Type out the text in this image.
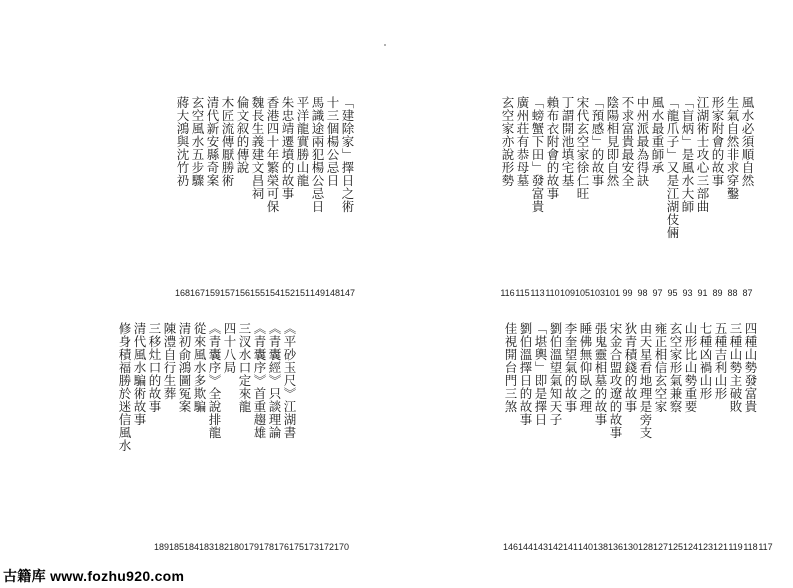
風水必須順自然
生氣自然非求穿鑿
形家附會的故事
江湖術士攻心三部曲
「盲炳」是風水大師
「龍爪子」又是江湖伎倆
風水最重師承
中州派最為得訣
不求富貴最安全
陰陽相見即自然
「預感」的故事
宋代玄空家徐仁旺
丁謂開池填宅基
賴布衣附會的故事
「螃蟹下田」發富貴
廣州荘有恭母墓
玄空家亦說形勢
87
88
89
91
93
95
97
98
99
101
103
105
109
110
113
115
116
「建除家」擇日之術
十三個楊公忌日
馬識途兩犯楊公忌日
平洋龍實勝山龍
朱忠靖遷墳的故事
香港四十年繁榮可保
魏長生義建文昌祠
倫文叙的傳說
木匠流傳厭勝術
清代新安縣奇案
玄空風水五步驟
蔣大鴻與沈竹礽
147
148
149
151
152
154
155
156
157
159
167
168
四種山勢發富貴
三種山勢主破敗
五種吉利山形
七種凶禍山形
山形比山勢重要
玄空家形氣兼察
雍正相信玄空家
由天星看地理是旁支
狄青積錢的故事
宋金合盟攻遼的故事
張鬼靈相墓的故事
睡佛無仰臥之理
李奎望氣的故事
劉伯溫望氣知天子
「堪輿」即是擇日
劉伯溫擇日的故事
佳視開台門三煞
117
118
119
121
123
124
125
127
128
130
136
138
140
141
142
143
144
146
《平砂玉尺》江湖書
《青囊經》只談理論
《青囊序》首重趨雄
三汊水口定來龍
四十八局
《青囊序》全說排龍
從來風水多欺騙
清初俞鴻圖冤案
陳澧自行生葬
三移灶口的故事
清代風水騙術故事
修身積福勝於迷信風水
170
172
173
175
176
178
179
180
182
183
184
185
189
古籍库 www.fozhu920.com
